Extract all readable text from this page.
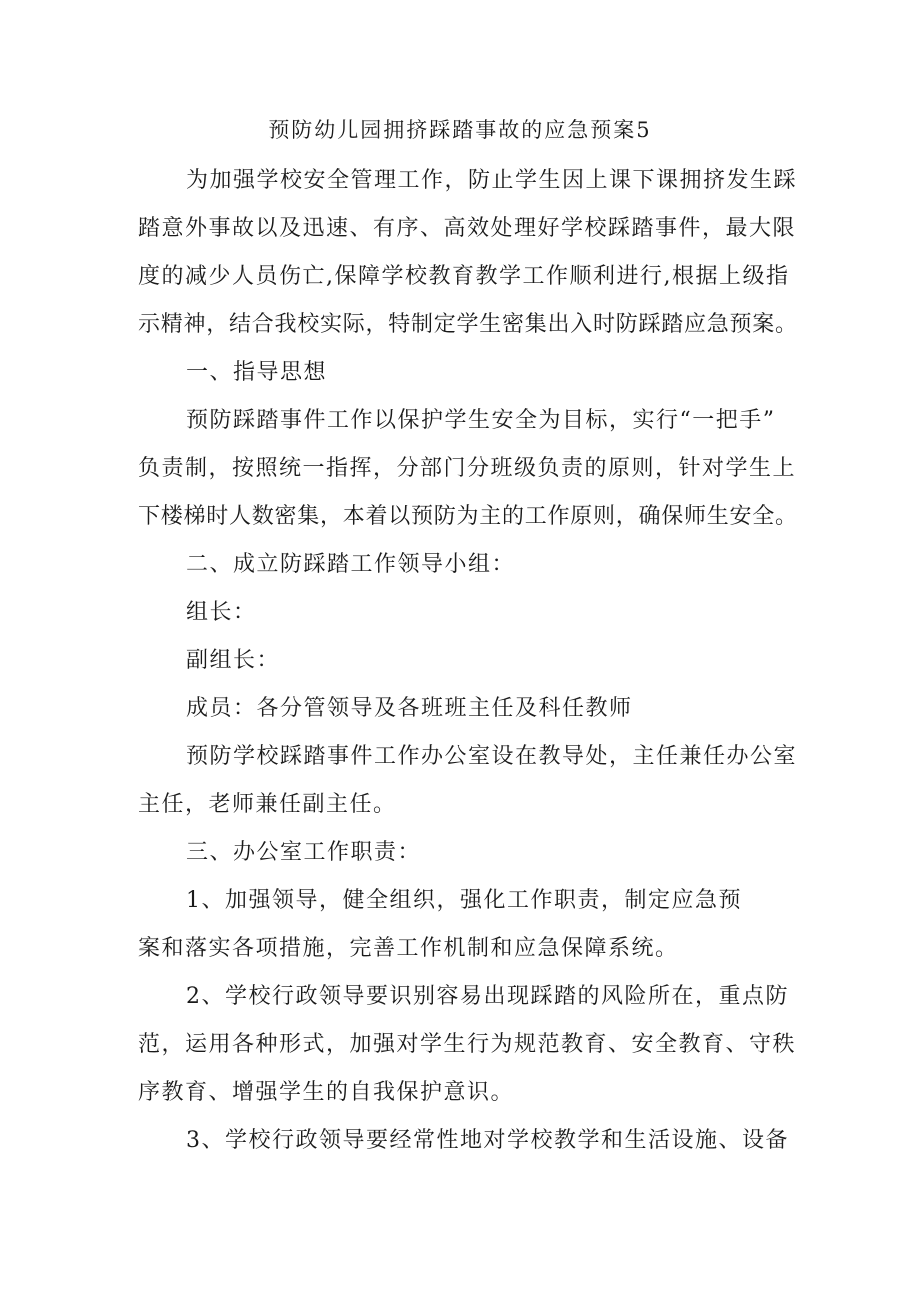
预防幼儿园拥挤踩踏事故的应急预案5
为加强学校安全管理工作，防止学生因上课下课拥挤发生踩
踏意外事故以及迅速、有序、高效处理好学校踩踏事件，最大限
度的减少人员伤亡,保障学校教育教学工作顺利进行,根据上级指
示精神，结合我校实际，特制定学生密集出入时防踩踏应急预案。
一、指导思想
预防踩踏事件工作以保护学生安全为目标，实行“一把手”
负责制，按照统一指挥，分部门分班级负责的原则，针对学生上
下楼梯时人数密集，本着以预防为主的工作原则，确保师生安全。
二、成立防踩踏工作领导小组：
组长：
副组长：
成员：各分管领导及各班班主任及科任教师
预防学校踩踏事件工作办公室设在教导处，主任兼任办公室
主任，老师兼任副主任。
三、办公室工作职责：
1、加强领导，健全组织，强化工作职责，制定应急预
案和落实各项措施，完善工作机制和应急保障系统。
2、学校行政领导要识别容易出现踩踏的风险所在，重点防
范，运用各种形式，加强对学生行为规范教育、安全教育、守秩
序教育、增强学生的自我保护意识。
3、学校行政领导要经常性地对学校教学和生活设施、设备
